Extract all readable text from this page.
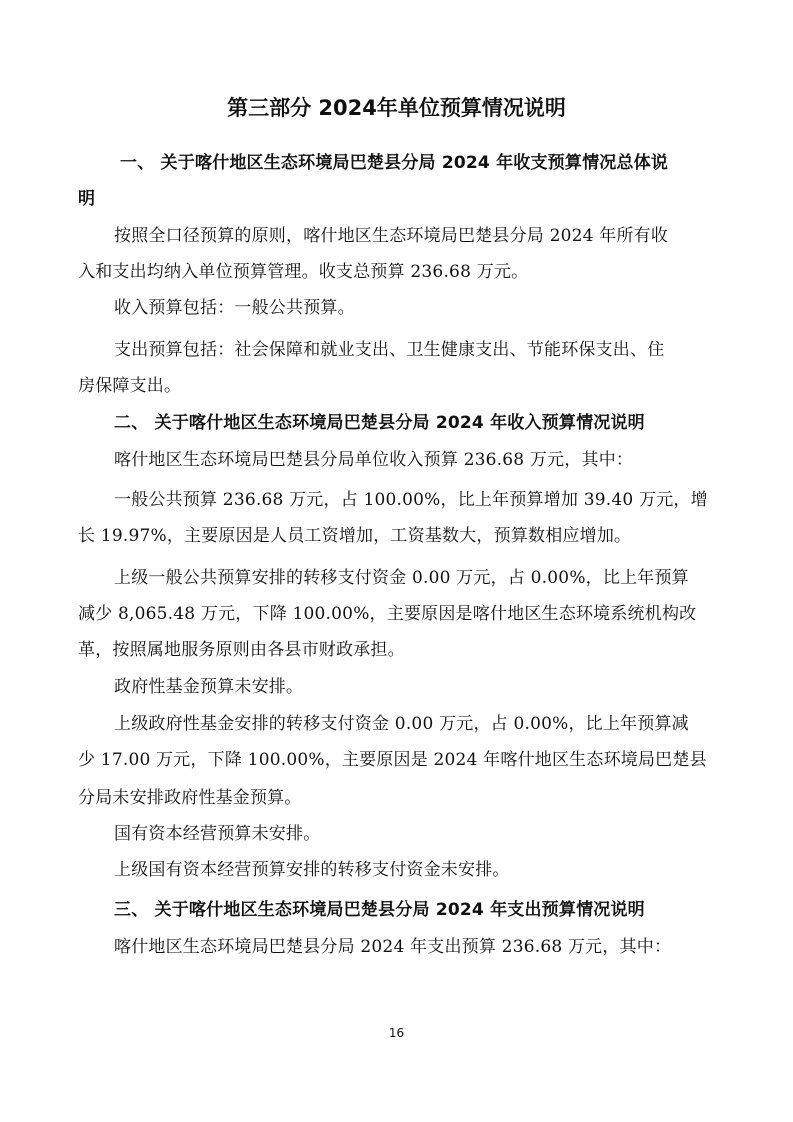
第三部分 2024年单位预算情况说明
一、 关于喀什地区生态环境局巴楚县分局 2024 年收支预算情况总体说
明
按照全口径预算的原则，喀什地区生态环境局巴楚县分局 2024 年所有收
入和支出均纳入单位预算管理。收支总预算 236.68 万元。
收入预算包括：一般公共预算。
支出预算包括：社会保障和就业支出、卫生健康支出、节能环保支出、住
房保障支出。
二、 关于喀什地区生态环境局巴楚县分局 2024 年收入预算情况说明
喀什地区生态环境局巴楚县分局单位收入预算 236.68 万元，其中：
一般公共预算 236.68 万元，占 100.00%，比上年预算增加 39.40 万元，增
长 19.97%，主要原因是人员工资增加，工资基数大，预算数相应增加。
上级一般公共预算安排的转移支付资金 0.00 万元，占 0.00%，比上年预算
减少 8,065.48 万元，下降 100.00%，主要原因是喀什地区生态环境系统机构改
革，按照属地服务原则由各县市财政承担。
政府性基金预算未安排。
上级政府性基金安排的转移支付资金 0.00 万元，占 0.00%，比上年预算减
少 17.00 万元，下降 100.00%，主要原因是 2024 年喀什地区生态环境局巴楚县
分局未安排政府性基金预算。
国有资本经营预算未安排。
上级国有资本经营预算安排的转移支付资金未安排。
三、 关于喀什地区生态环境局巴楚县分局 2024 年支出预算情况说明
喀什地区生态环境局巴楚县分局 2024 年支出预算 236.68 万元，其中：
16
